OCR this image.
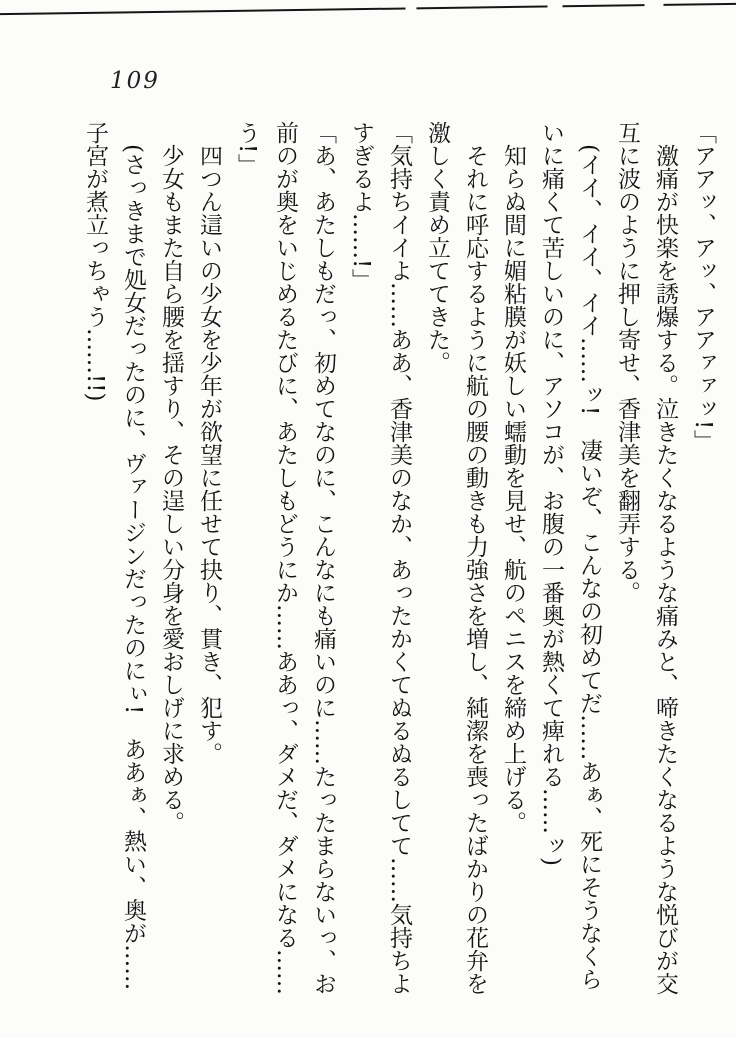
109

「アアッ、アッ、アアァァッ!」

激痛が快楽を誘爆する。泣きたくなるような痛みと、啼きたくなるような悦びが交

互に波のように押し寄せ、香津美を翻弄する。

(イイ、イイ、イイ……ッ!　凄いぞ、こんなの初めてだ……あぁ、死にそうなくら

いに痛くて苦しいのに、アソコが、お腹の一番奥が熱くて痺れる……ッ)

知らぬ間に媚粘膜が妖しい蠕動を見せ、航のペニスを締め上げる。

それに呼応するように航の腰の動きも力強さを増し、純潔を喪ったばかりの花弁を

激しく責め立ててきた。

「気持ちイイよ……ああ、香津美のなか、あったかくてぬるぬるしてて……気持ちよ

すぎるよ……!」

「あ、あたしもだっ、初めてなのに、こんなにも痛いのに……たったまらないっ、お

前のが奥をいじめるたびに、あたしもどうにか……ああっ、ダメだ、ダメになる……

う!」

四つん這いの少女を少年が欲望に任せて抉り、貫き、犯す。

少女もまた自ら腰を揺すり、その逞しい分身を愛おしげに求める。

(さっきまで処女だったのに、ヴァージンだったのにぃ!　ああぁ、熱い、奥が……

子宮が煮立っちゃう……!!)
